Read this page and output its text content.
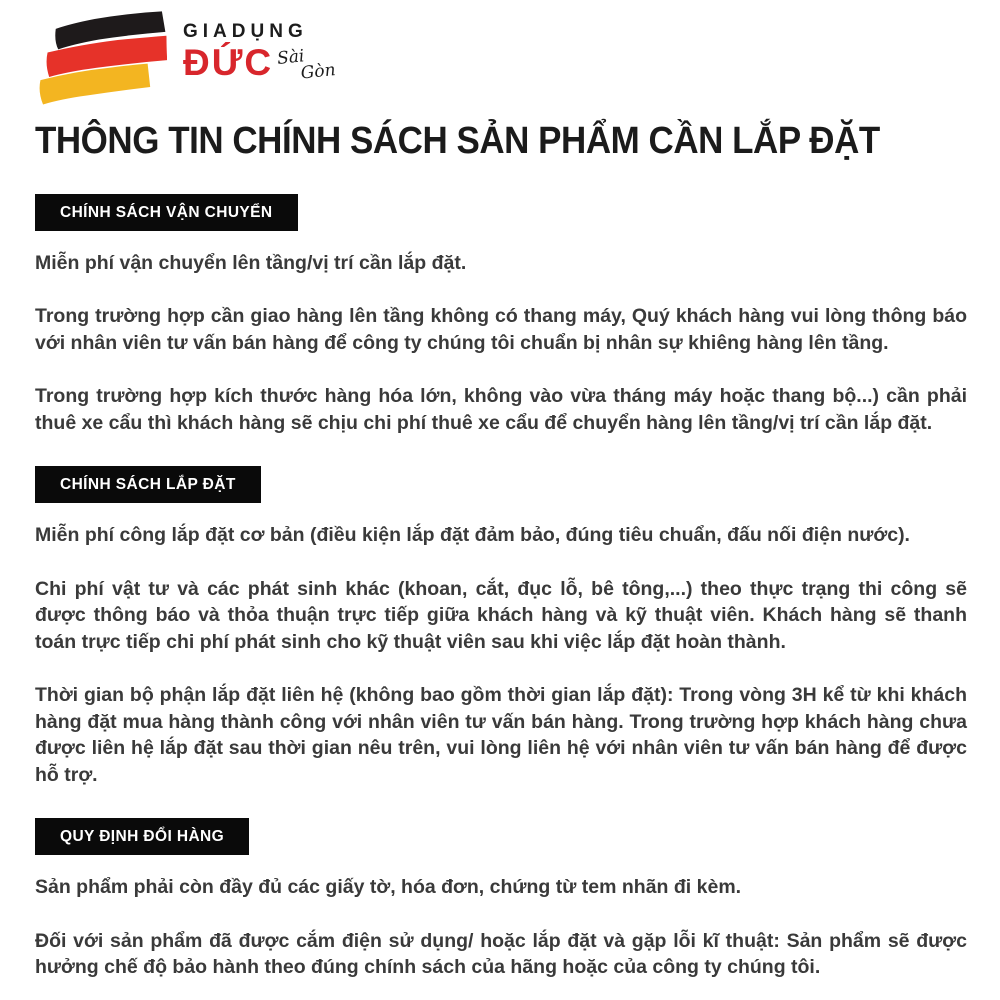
GIADỤNG
ĐỨC Sài
Gòn
THÔNG TIN CHÍNH SÁCH SẢN PHẨM CẦN LẮP ĐẶT
CHÍNH SÁCH VẬN CHUYỂN

Miễn phí vận chuyển lên tầng/vị trí cần lắp đặt.

Trong trường hợp cần giao hàng lên tầng không có thang máy, Quý khách hàng vui lòng thông báo với nhân viên tư vấn bán hàng để công ty chúng tôi chuẩn bị nhân sự khiêng hàng lên tầng.

Trong trường hợp kích thước hàng hóa lớn, không vào vừa tháng máy hoặc thang bộ...) cần phải thuê xe cẩu thì khách hàng sẽ chịu chi phí thuê xe cẩu để chuyển hàng lên tầng/vị trí cần lắp đặt.

CHÍNH SÁCH LẮP ĐẶT

Miễn phí công lắp đặt cơ bản (điều kiện lắp đặt đảm bảo, đúng tiêu chuẩn, đấu nối điện nước).

Chi phí vật tư và các phát sinh khác (khoan, cắt, đục lỗ, bê tông,...) theo thực trạng thi công sẽ được thông báo và thỏa thuận trực tiếp giữa khách hàng và kỹ thuật viên. Khách hàng sẽ thanh toán trực tiếp chi phí phát sinh cho kỹ thuật viên sau khi việc lắp đặt hoàn thành.

Thời gian bộ phận lắp đặt liên hệ (không bao gồm thời gian lắp đặt): Trong vòng 3H kể từ khi khách hàng đặt mua hàng thành công với nhân viên tư vấn bán hàng. Trong trường hợp khách hàng chưa được liên hệ lắp đặt sau thời gian nêu trên, vui lòng liên hệ với nhân viên tư vấn bán hàng để được hỗ trợ.

QUY ĐỊNH ĐỔI HÀNG

Sản phẩm phải còn đầy đủ các giấy tờ, hóa đơn, chứng từ tem nhãn đi kèm.

Đối với sản phẩm đã được cắm điện sử dụng/ hoặc lắp đặt và gặp lỗi kĩ thuật: Sản phẩm sẽ được hưởng chế độ bảo hành theo đúng chính sách của hãng hoặc của công ty chúng tôi.
